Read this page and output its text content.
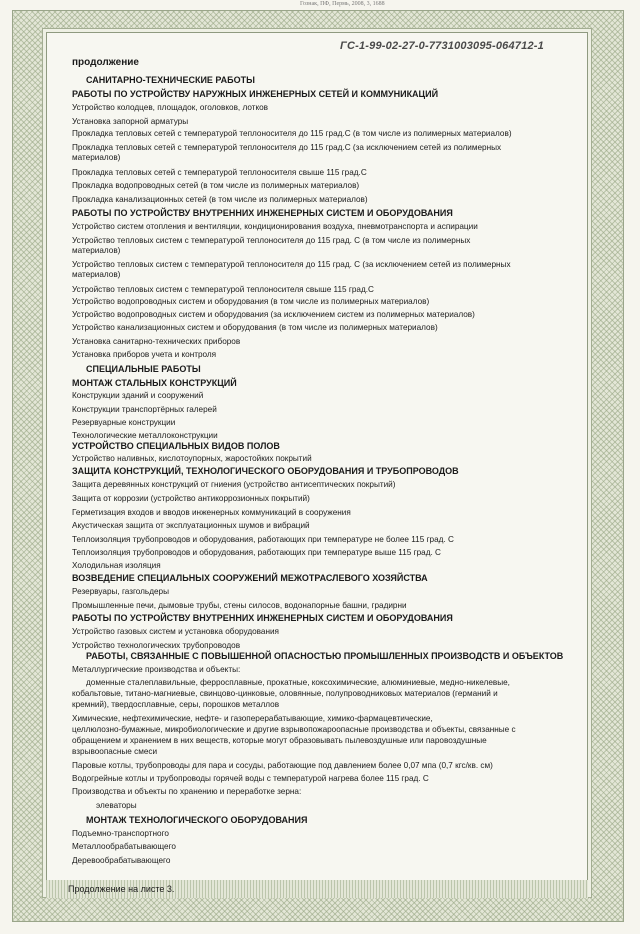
Гознак, ПФ, Пермь, 2008, 3, 1688
ГС-1-99-02-27-0-7731003095-064712-1
продолжение
САНИТАРНО-ТЕХНИЧЕСКИЕ РАБОТЫ
РАБОТЫ ПО УСТРОЙСТВУ НАРУЖНЫХ ИНЖЕНЕРНЫХ СЕТЕЙ И КОММУНИКАЦИЙ
Устройство колодцев, площадок, оголовков, лотков
Установка запорной арматуры
Прокладка тепловых сетей с температурой теплоносителя до 115 град.С (в том числе из полимерных материалов)
Прокладка тепловых сетей с температурой теплоносителя до 115 град.С (за исключением сетей из полимерных
материалов)
Прокладка тепловых сетей с температурой теплоносителя свыше 115 град.С
Прокладка водопроводных сетей (в том числе из полимерных материалов)
Прокладка канализационных сетей (в том числе из полимерных материалов)
РАБОТЫ ПО УСТРОЙСТВУ ВНУТРЕННИХ ИНЖЕНЕРНЫХ СИСТЕМ И ОБОРУДОВАНИЯ
Устройство систем отопления и вентиляции, кондиционирования воздуха, пневмотранспорта и аспирации
Устройство тепловых систем с температурой теплоносителя до 115 град. С (в том числе из полимерных
материалов)
Устройство тепловых систем с температурой теплоносителя до 115 град. С (за исключением сетей из полимерных
материалов)
Устройство тепловых систем с температурой теплоносителя свыше 115 град.С
Устройство водопроводных систем и оборудования (в том числе из полимерных материалов)
Устройство водопроводных систем и оборудования (за исключением систем из полимерных материалов)
Устройство канализационных систем и оборудования (в том числе из полимерных материалов)
Установка санитарно-технических приборов
Установка приборов учета и контроля
СПЕЦИАЛЬНЫЕ РАБОТЫ
МОНТАЖ СТАЛЬНЫХ КОНСТРУКЦИЙ
Конструкции зданий и сооружений
Конструкции транспортёрных галерей
Резервуарные конструкции
Технологические металлоконструкции
УСТРОЙСТВО СПЕЦИАЛЬНЫХ ВИДОВ ПОЛОВ
Устройство наливных, кислотоупорных, жаростойких покрытий
ЗАЩИТА КОНСТРУКЦИЙ, ТЕХНОЛОГИЧЕСКОГО ОБОРУДОВАНИЯ И ТРУБОПРОВОДОВ
Защита деревянных конструкций от гниения (устройство антисептических покрытий)
Защита от коррозии (устройство антикоррозионных покрытий)
Герметизация входов и вводов инженерных коммуникаций в сооружения
Акустическая защита от эксплуатационных шумов и вибраций
Теплоизоляция трубопроводов и оборудования, работающих при температуре не более 115 град. С
Теплоизоляция трубопроводов и оборудования, работающих при температуре выше 115 град. С
Холодильная изоляция
ВОЗВЕДЕНИЕ СПЕЦИАЛЬНЫХ СООРУЖЕНИЙ МЕЖОТРАСЛЕВОГО ХОЗЯЙСТВА
Резервуары, газгольдеры
Промышленные печи, дымовые трубы, стены силосов, водонапорные башни, градирни
РАБОТЫ ПО УСТРОЙСТВУ ВНУТРЕННИХ ИНЖЕНЕРНЫХ СИСТЕМ И ОБОРУДОВАНИЯ
Устройство газовых систем и установка оборудования
Устройство технологических трубопроводов
РАБОТЫ, СВЯЗАННЫЕ С ПОВЫШЕННОЙ ОПАСНОСТЬЮ ПРОМЫШЛЕННЫХ ПРОИЗВОДСТВ И ОБЪЕКТОВ
Металлургические производства и объекты:
доменные сталеплавильные, ферросплавные, прокатные, коксохимические, алюминиевые, медно-никелевые,
кобальтовые, титано-магниевые, свинцово-цинковые, оловянные, полупроводниковых материалов (германий и
кремний), твердосплавные, серы, порошков металлов
Химические, нефтехимические, нефте- и газоперерабатывающие, химико-фармацевтические,
целлюлозно-бумажные, микробиологические и другие взрывопожароопасные производства и объекты, связанные с
обращением и хранением в них веществ, которые могут образовывать пылевоздушные или паровоздушные
взрывоопасные смеси
Паровые котлы, трубопроводы для пара и сосуды, работающие под давлением более 0,07 мпа (0,7 кгс/кв. см)
Водогрейные котлы и трубопроводы горячей воды с температурой нагрева более 115 град. С
Производства и объекты по хранению и переработке зерна:
элеваторы
МОНТАЖ ТЕХНОЛОГИЧЕСКОГО ОБОРУДОВАНИЯ
Подъемно-транспортного
Металлообрабатывающего
Деревообрабатывающего
Продолжение на листе 3.
